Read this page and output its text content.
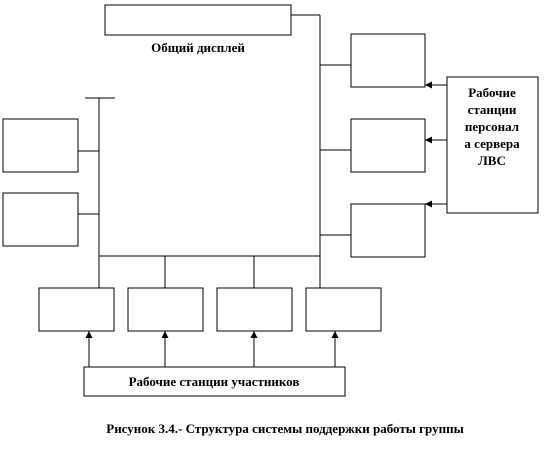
Общий дисплей
Рабочие
станции
персонал
а сервера
ЛВС
Рабочие станции участников
Рисунок 3.4.- Структура системы поддержки работы группы
